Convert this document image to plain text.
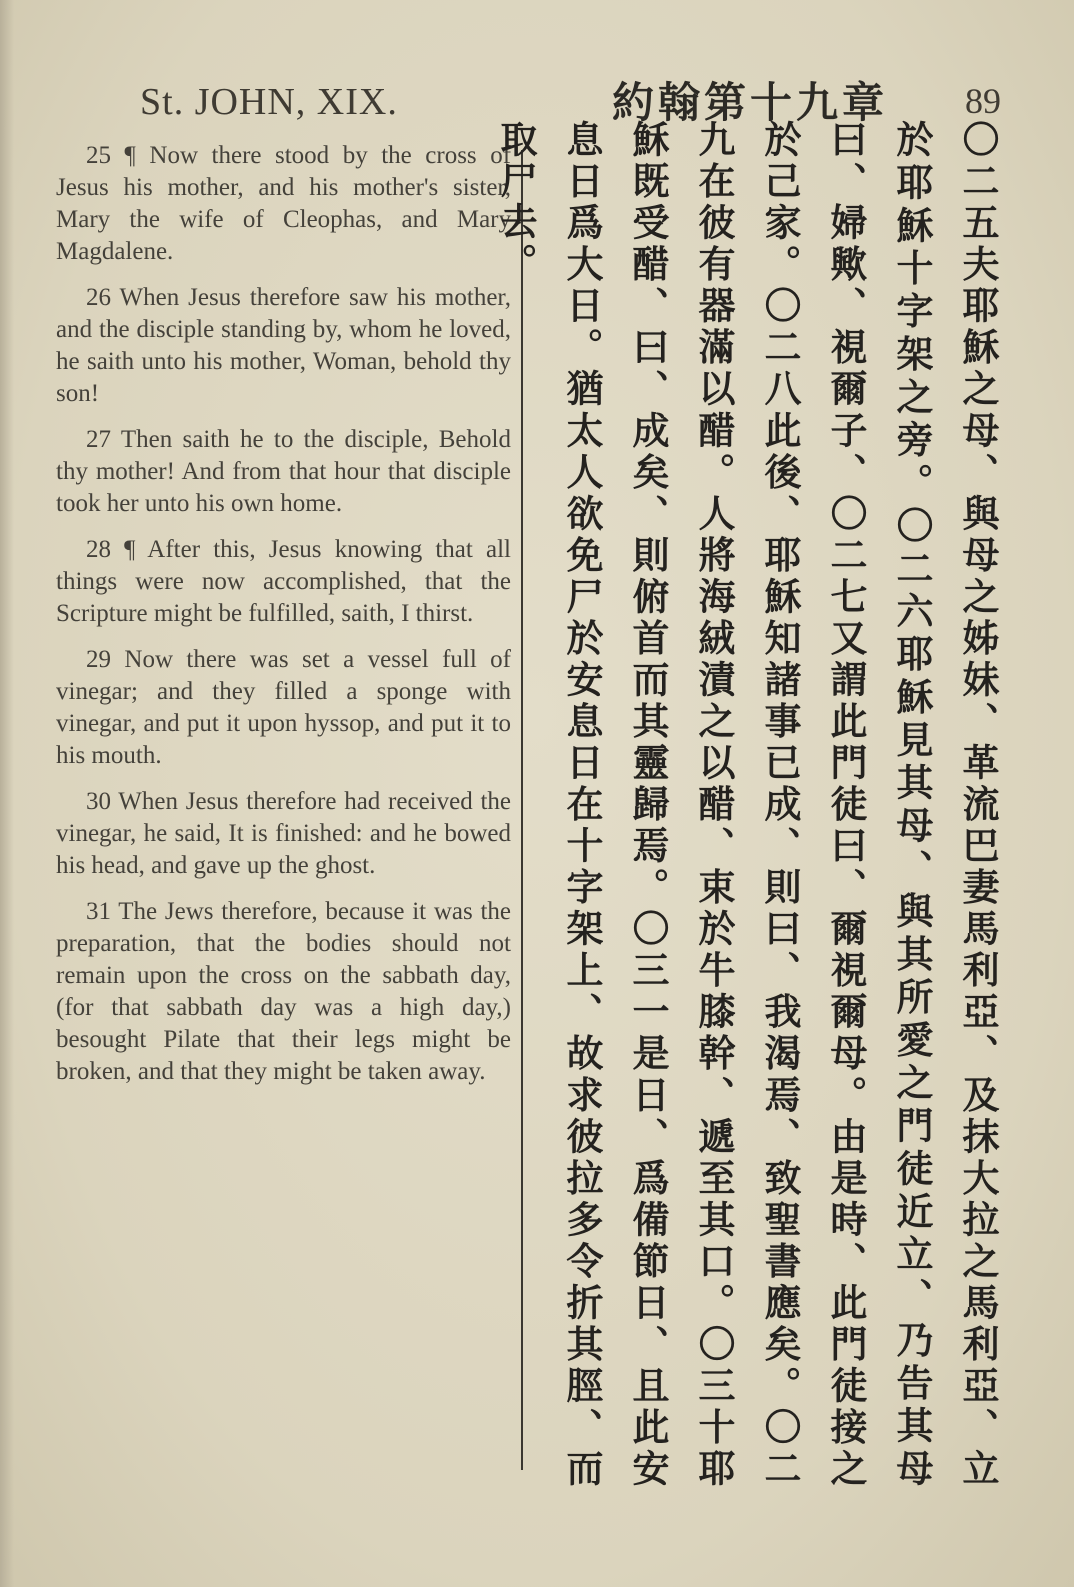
St. JOHN, XIX.	約翰第十九章 89

25 ¶ Now there stood by the cross of Jesus his mother, and his mother's sister, Mary the wife of Cleophas, and Mary Magdalene.

26 When Jesus therefore saw his mother, and the disciple standing by, whom he loved, he saith unto his mother, Woman, behold thy son!

27 Then saith he to the disciple, Behold thy mother! And from that hour that disciple took her unto his own home.

28 ¶ After this, Jesus knowing that all things were now accomplished, that the Scripture might be fulfilled, saith, I thirst.

29 Now there was set a vessel full of vinegar; and they filled a sponge with vinegar, and put it upon hyssop, and put it to his mouth.

30 When Jesus therefore had received the vinegar, he said, It is finished: and he bowed his head, and gave up the ghost.

31 The Jews therefore, because it was the preparation, that the bodies should not remain upon the cross on the sabbath day, (for that sabbath day was a high day,) besought Pilate that their legs might be broken, and that they might be taken away.	〇二五夫耶穌之母、與母之姊妹、革流巴妻馬利亞、及抹大拉之馬利亞、立於耶穌十字架之旁。〇二六耶穌見其母、與其所愛之門徒近立、乃告其母曰、婦歟、視爾子、〇二七又謂此門徒曰、爾視爾母。由是時、此門徒接之於己家。〇二八此後、耶穌知諸事已成、則曰、我渴焉、致聖書應矣。〇二九在彼有器滿以醋。人將海絨漬之以醋、束於牛膝幹、遞至其口。〇三十耶穌既受醋、曰、成矣、則俯首而其靈歸焉。〇三一是日、爲備節日、且此安息日爲大日。猶太人欲免尸於安息日在十字架上、故求彼拉多令折其脛、而取尸去。
